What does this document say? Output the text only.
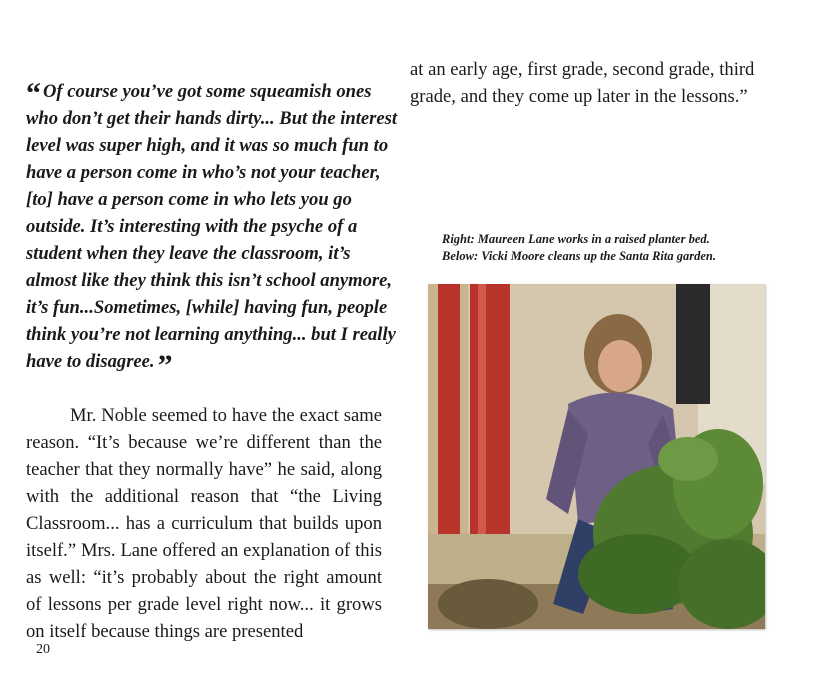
“ Of course you’ve got some squeamish ones who don’t get their hands dirty... But the interest level was super high, and it was so much fun to have a person come in who’s not your teacher, [to] have a person come in who lets you go outside. It’s interesting with the psyche of a student when they leave the classroom, it’s almost like they think this isn’t school anymore, it’s fun...Sometimes, [while] having fun, people think you’re not learning anything... but I really have to disagree. ”

Mr. Noble seemed to have the exact same reason. “It’s because we’re different than the teacher that they normally have” he said, along with the additional reason that “the Living Classroom... has a curriculum that builds upon itself.” Mrs. Lane offered an explanation of this as well: “it’s probably about the right amount of lessons per grade level right now... it grows on itself because things are presented

at an early age, first grade, second grade, third grade, and they come up later in the lessons.”

Right: Maureen Lane works in a raised planter bed.
Below: Vicki Moore cleans up the Santa Rita garden.
20
